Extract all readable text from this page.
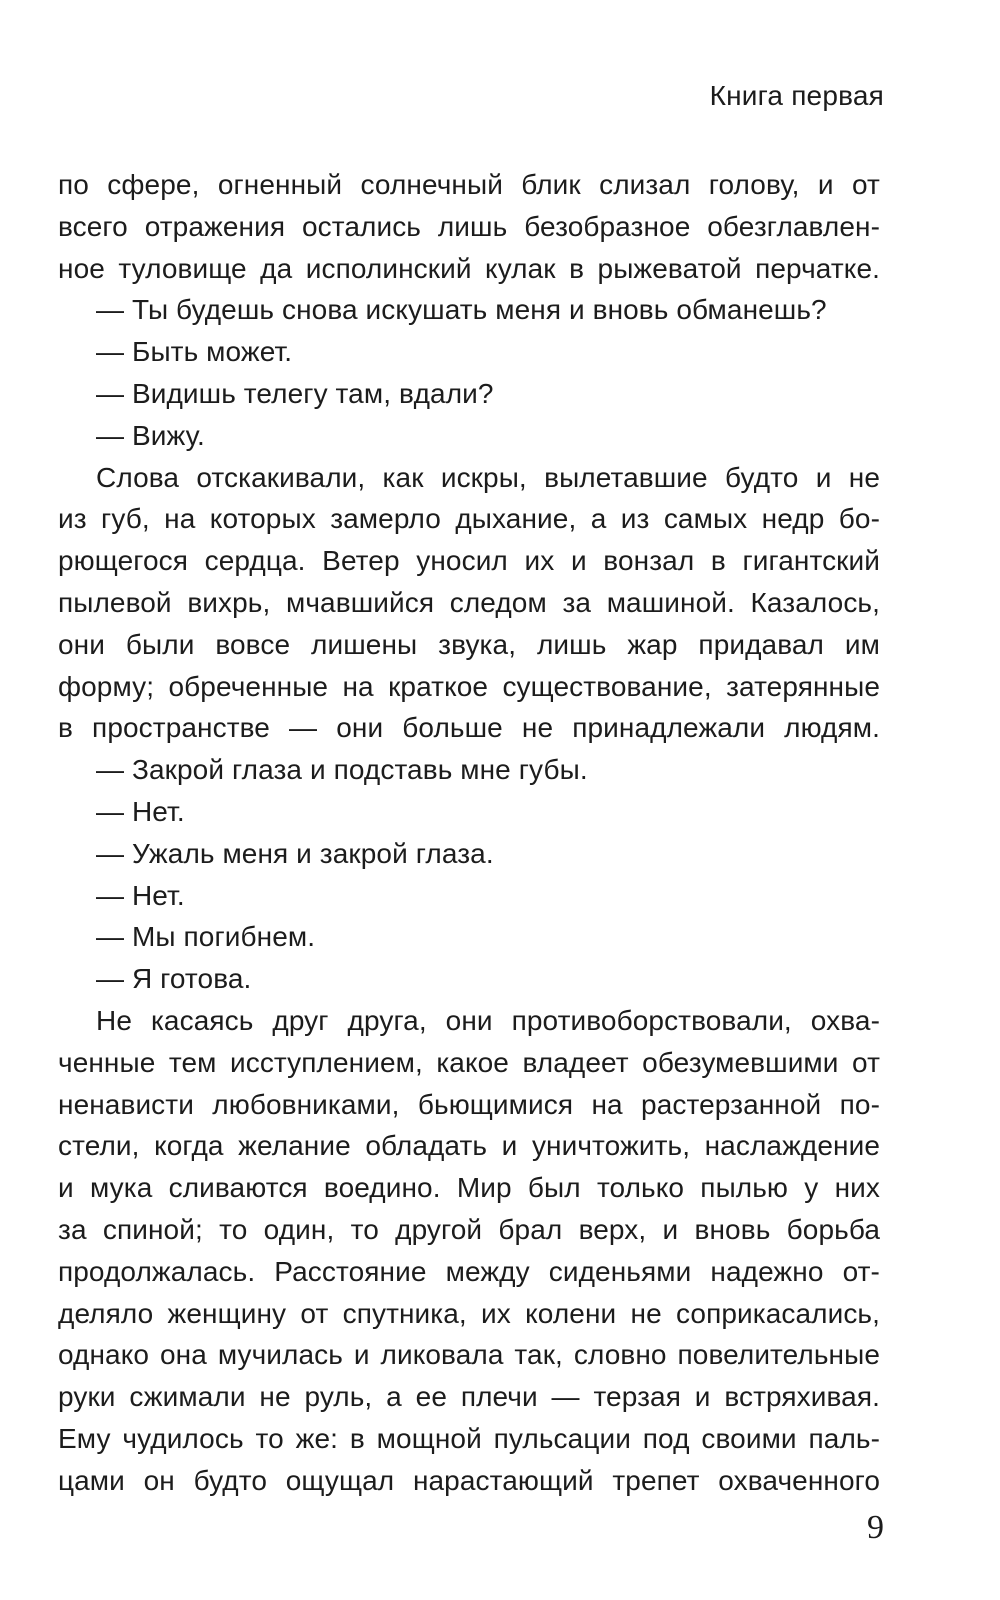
Книга первая
по сфере, огненный солнечный блик слизал голову, и от
всего отражения остались лишь безобразное обезглавлен-
ное туловище да исполинский кулак в рыжеватой перчатке.
— Ты будешь снова искушать меня и вновь обманешь?
— Быть может.
— Видишь телегу там, вдали?
— Вижу.
Слова отскакивали, как искры, вылетавшие будто и не
из губ, на которых замерло дыхание, а из самых недр бо-
рющегося сердца. Ветер уносил их и вонзал в гигантский
пылевой вихрь, мчавшийся следом за машиной. Казалось,
они были вовсе лишены звука, лишь жар придавал им
форму; обреченные на краткое существование, затерянные
в пространстве — они больше не принадлежали людям.
— Закрой глаза и подставь мне губы.
— Нет.
— Ужаль меня и закрой глаза.
— Нет.
— Мы погибнем.
— Я готова.
Не касаясь друг друга, они противоборствовали, охва-
ченные тем исступлением, какое владеет обезумевшими от
ненависти любовниками, бьющимися на растерзанной по-
стели, когда желание обладать и уничтожить, наслаждение
и мука сливаются воедино. Мир был только пылью у них
за спиной; то один, то другой брал верх, и вновь борьба
продолжалась. Расстояние между сиденьями надежно от-
деляло женщину от спутника, их колени не соприкасались,
однако она мучилась и ликовала так, словно повелительные
руки сжимали не руль, а ее плечи — терзая и встряхивая.
Ему чудилось то же: в мощной пульсации под своими паль-
цами он будто ощущал нарастающий трепет охваченного
9
